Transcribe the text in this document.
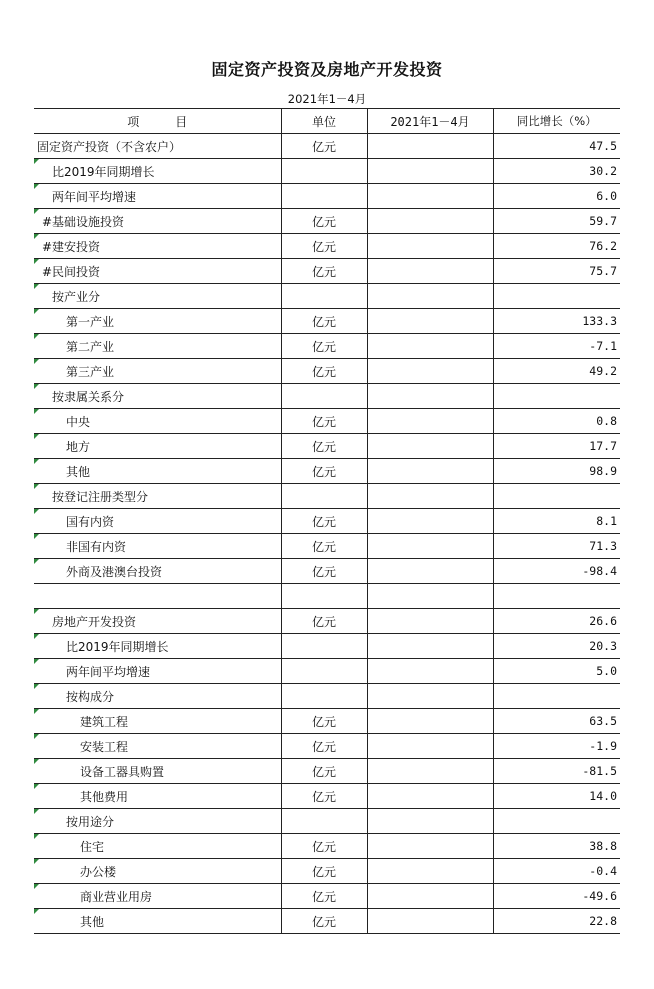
固定资产投资及房地产开发投资
2021年1－4月
项　　　目	单位	2021年1－4月	同比增长（%）
固定资产投资（不含农户）	亿元		47.5

比2019年同期增长			30.2

两年间平均增速			6.0

#基础设施投资	亿元		59.7

#建安投资	亿元		76.2

#民间投资	亿元		75.7

按产业分			

第一产业	亿元		133.3

第二产业	亿元		-7.1

第三产业	亿元		49.2

按隶属关系分			

中央	亿元		0.8

地方	亿元		17.7

其他	亿元		98.9

按登记注册类型分			

国有内资	亿元		8.1

非国有内资	亿元		71.3

外商及港澳台投资	亿元		-98.4

房地产开发投资	亿元		26.6

比2019年同期增长			20.3

两年间平均增速			5.0

按构成分			

建筑工程	亿元		63.5

安装工程	亿元		-1.9

设备工器具购置	亿元		-81.5

其他费用	亿元		14.0

按用途分			

住宅	亿元		38.8

办公楼	亿元		-0.4

商业营业用房	亿元		-49.6

其他	亿元		22.8
